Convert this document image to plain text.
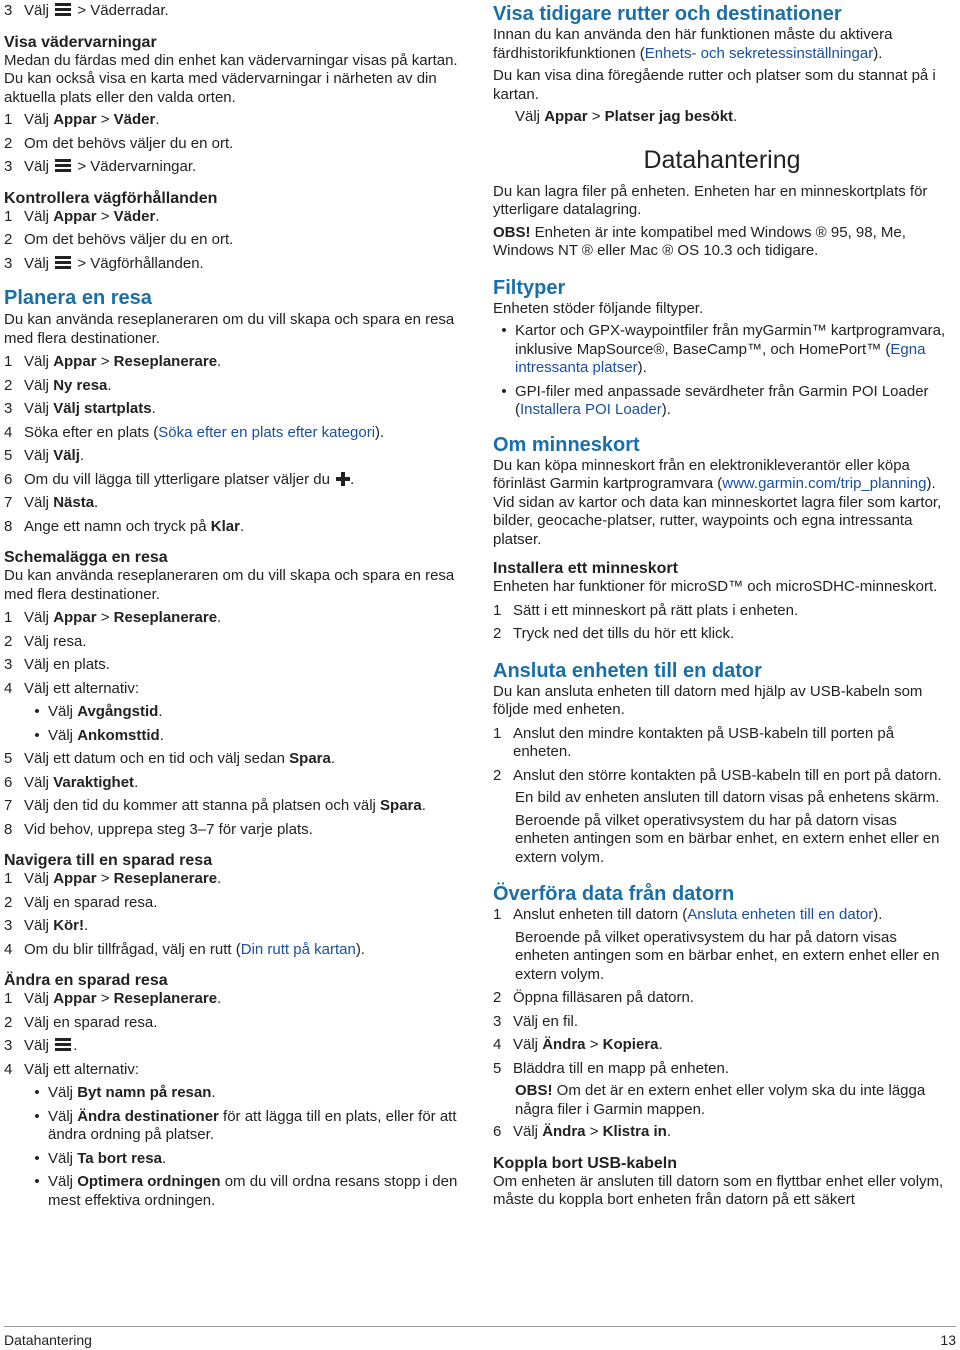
3 Välj > Väderradar.

Visa vädervarningar

Medan du färdas med din enhet kan vädervarningar visas på kartan. Du kan också visa en karta med vädervarningar i närheten av din aktuella plats eller den valda orten.

1 Välj Appar > Väder.
2 Om det behövs väljer du en ort.
3 Välj > Vädervarningar.

Kontrollera vägförhållanden

1 Välj Appar > Väder.
2 Om det behövs väljer du en ort.
3 Välj > Vägförhållanden.

Planera en resa

Du kan använda reseplaneraren om du vill skapa och spara en resa med flera destinationer.

1 Välj Appar > Reseplanerare.
2 Välj Ny resa.
3 Välj Välj startplats.
4 Söka efter en plats (Söka efter en plats efter kategori).
5 Välj Välj.
6 Om du vill lägga till ytterligare platser väljer du .
7 Välj Nästa.
8 Ange ett namn och tryck på Klar.

Schemalägga en resa

Du kan använda reseplaneraren om du vill skapa och spara en resa med flera destinationer.

1 Välj Appar > Reseplanerare.
2 Välj resa.
3 Välj en plats.
4 Välj ett alternativ:
• Välj Avgångstid.
• Välj Ankomsttid.
5 Välj ett datum och en tid och välj sedan Spara.
6 Välj Varaktighet.
7 Välj den tid du kommer att stanna på platsen och välj Spara.
8 Vid behov, upprepa steg 3–7 för varje plats.

Navigera till en sparad resa

1 Välj Appar > Reseplanerare.
2 Välj en sparad resa.
3 Välj Kör!.
4 Om du blir tillfrågad, välj en rutt (Din rutt på kartan).

Ändra en sparad resa

1 Välj Appar > Reseplanerare.
2 Välj en sparad resa.
3 Välj .
4 Välj ett alternativ:
• Välj Byt namn på resan.
• Välj Ändra destinationer för att lägga till en plats, eller för att ändra ordning på platser.
• Välj Ta bort resa.
• Välj Optimera ordningen om du vill ordna resans stopp i den mest effektiva ordningen.

Visa tidigare rutter och destinationer

Innan du kan använda den här funktionen måste du aktivera färdhistorikfunktionen (Enhets- och sekretessinställningar).

Du kan visa dina föregående rutter och platser som du stannat på i kartan.

Välj Appar > Platser jag besökt.

Datahantering

Du kan lagra filer på enheten. Enheten har en minneskortplats för ytterligare datalagring.

OBS! Enheten är inte kompatibel med Windows ® 95, 98, Me, Windows NT ® eller Mac ® OS 10.3 och tidigare.

Filtyper

Enheten stöder följande filtyper.

• Kartor och GPX-waypointfiler från myGarmin™ kartprogramvara, inklusive MapSource®, BaseCamp™, och HomePort™ (Egna intressanta platser).
• GPI-filer med anpassade sevärdheter från Garmin POI Loader (Installera POI Loader).

Om minneskort

Du kan köpa minneskort från en elektronikleverantör eller köpa förinläst Garmin kartprogramvara (www.garmin.com/trip_planning). Vid sidan av kartor och data kan minneskortet lagra filer som kartor, bilder, geocache-platser, rutter, waypoints och egna intressanta platser.

Installera ett minneskort

Enheten har funktioner för microSD™ och microSDHC-minneskort.

1 Sätt i ett minneskort på rätt plats i enheten.
2 Tryck ned det tills du hör ett klick.

Ansluta enheten till en dator

Du kan ansluta enheten till datorn med hjälp av USB-kabeln som följde med enheten.

1 Anslut den mindre kontakten på USB-kabeln till porten på enheten.
2 Anslut den större kontakten på USB-kabeln till en port på datorn.

En bild av enheten ansluten till datorn visas på enhetens skärm.

Beroende på vilket operativsystem du har på datorn visas enheten antingen som en bärbar enhet, en extern enhet eller en extern volym.

Överföra data från datorn

1 Anslut enheten till datorn (Ansluta enheten till en dator).

Beroende på vilket operativsystem du har på datorn visas enheten antingen som en bärbar enhet, en extern enhet eller en extern volym.

2 Öppna filläsaren på datorn.
3 Välj en fil.
4 Välj Ändra > Kopiera.
5 Bläddra till en mapp på enheten.

OBS! Om det är en extern enhet eller volym ska du inte lägga några filer i Garmin mappen.

6 Välj Ändra > Klistra in.

Koppla bort USB-kabeln

Om enheten är ansluten till datorn som en flyttbar enhet eller volym, måste du koppla bort enheten från datorn på ett säkert

Datahantering	13
